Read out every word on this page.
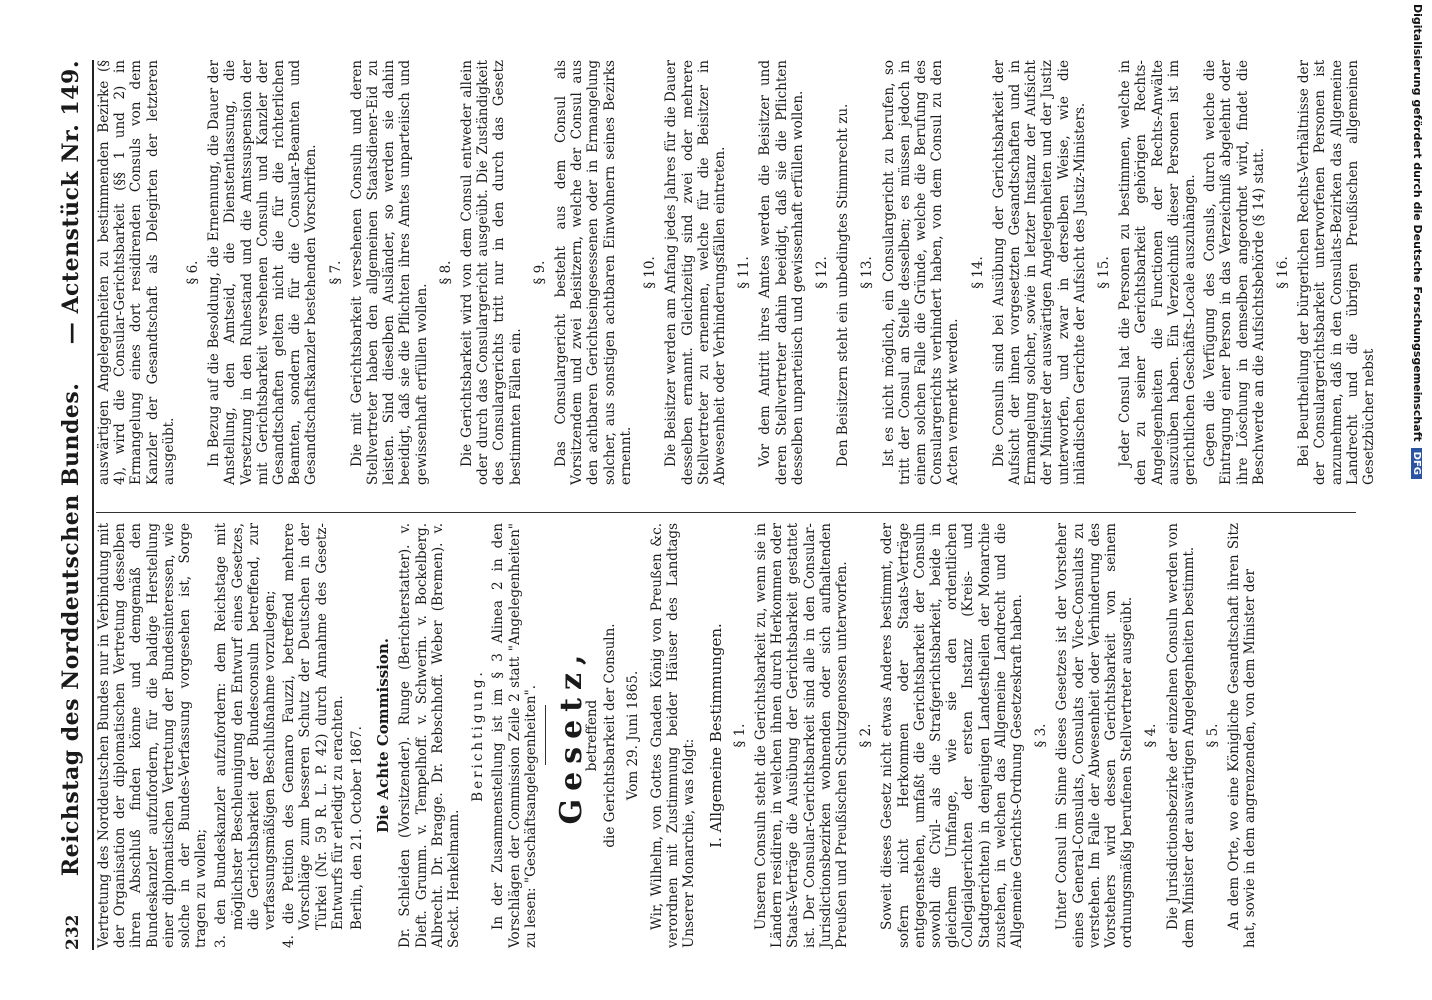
232
Reichstag des Norddeutschen Bundes.
— Actenstück Nr. 149.

Vertretung des Norddeutschen Bundes nur in Verbindung mit der Organisation der diplomatischen Vertretung desselben ihren Abschluß finden könne und demgemäß den Bundeskanzler aufzufordern, für die baldige Herstellung einer diplomatischen Vertretung der Bundesinteressen, wie solche in der Bundes-Verfassung vorgesehen ist, Sorge tragen zu wollen; 3. den Bundeskanzler aufzufordern: dem Reichstage mit möglichster Beschleunigung den Entwurf eines Gesetzes, die Gerichtsbarkeit der Bundesconsuln betreffend, zur verfassungsmäßigen Beschlußnahme vorzulegen; 4. die Petition des Gennaro Fauzzi, betreffend mehrere Vorschläge zum besseren Schutz der Deutschen in der Türkei (Nr. 59 R. L. P. 42) durch Annahme des Gesetz-Entwurfs für erledigt zu erachten. Berlin, den 21. October 1867. Die Achte Commission. Dr. Schleiden (Vorsitzender). Runge (Berichterstatter). v. Dieft. Grumm. v. Tempelhoff. v. Schwerin. v. Bockelberg. Albrecht. Dr. Bragge. Dr. Rebschhoff. Weber (Bremen). v. Seckt. Henkelmann.

Berichtigung. In der Zusammenstellung ist im § 3 Alinea 2 in den Vorschlägen der Commission Zeile 2 statt "Angelegenheiten" zu lesen: "Geschäftsangelegenheiten". Gesetz,

betreffend die Gerichtsbarkeit der Consuln. Vom 29. Juni 1865. Wir, Wilhelm, von Gottes Gnaden König von Preußen &c. verordnen mit Zustimmung beider Häuser des Landtags Unserer Monarchie, was folgt: I. Allgemeine Bestimmungen. § 1. Unseren Consuln steht die Gerichtsbarkeit zu, wenn sie in Ländern residiren, in welchen ihnen durch Herkommen oder Staats-Verträge die Ausübung der Gerichtsbarkeit gestattet ist. Der Consular-Gerichtsbarkeit sind alle in den Consular-Jurisdictionsbezirken wohnenden oder sich aufhaltenden Preußen und Preußischen Schutzgenossen unterworfen. § 2. Soweit dieses Gesetz nicht etwas Anderes bestimmt, oder sofern nicht Herkommen oder Staats-Verträge entgegenstehen, umfaßt die Gerichtsbarkeit der Consuln sowohl die Civil- als die Strafgerichtsbarkeit, beide in gleichem Umfange, wie sie den ordentlichen Collegialgerichten der ersten Instanz (Kreis- und Stadtgerichten) in denjenigen Landestheilen der Monarchie zustehen, in welchen das Allgemeine Landrecht und die Allgemeine Gerichts-Ordnung Gesetzeskraft haben. § 3. Unter Consul im Sinne dieses Gesetzes ist der Vorsteher eines General-Consulats, Consulats oder Vice-Consulats zu verstehen. Im Falle der Abwesenheit oder Verhinderung des Vorstehers wird dessen Gerichtsbarkeit von seinem ordnungsmäßig berufenen Stellvertreter ausgeübt. § 4. Die Jurisdictionsbezirke der einzelnen Consuln werden von dem Minister der auswärtigen Angelegenheiten bestimmt. § 5. An dem Orte, wo eine Königliche Gesandtschaft ihren Sitz hat, sowie in dem angrenzenden, von dem Minister der

auswärtigen Angelegenheiten zu bestimmenden Bezirke (§ 4), wird die Consular-Gerichtsbarkeit (§§ 1 und 2) in Ermangelung eines dort residirenden Consuls von dem Kanzler der Gesandtschaft als Delegirten der letzteren ausgeübt.

§ 6. In Bezug auf die Besoldung, die Ernennung, die Dauer der Anstellung, den Amtseid, die Dienstentlassung, die Versetzung in den Ruhestand und die Amtssuspension der mit Gerichtsbarkeit versehenen Consuln und Kanzler der Gesandtschaften gelten nicht die für die richterlichen Beamten, sondern die für die Consular-Beamten und Gesandtschaftskanzler bestehenden Vorschriften. § 7. Die mit Gerichtsbarkeit versehenen Consuln und deren Stellvertreter haben den allgemeinen Staatsdiener-Eid zu leisten. Sind dieselben Ausländer, so werden sie dahin beeidigt, daß sie die Pflichten ihres Amtes unparteiisch und gewissenhaft erfüllen wollen.

§ 8. Die Gerichtsbarkeit wird von dem Consul entweder allein oder durch das Consulargericht ausgeübt. Die Zuständigkeit des Consulargerichts tritt nur in den durch das Gesetz bestimmten Fällen ein.

§ 9. Das Consulargericht besteht aus dem Consul als Vorsitzendem und zwei Beisitzern, welche der Consul aus den achtbaren Gerichtseingesessenen oder in Ermangelung solcher, aus sonstigen achtbaren Einwohnern seines Bezirks ernennt.

§ 10. Die Beisitzer werden am Anfang jedes Jahres für die Dauer desselben ernannt. Gleichzeitig sind zwei oder mehrere Stellvertreter zu ernennen, welche für die Beisitzer in Abwesenheit oder Verhinderungsfällen eintreten. § 11. Vor dem Antritt ihres Amtes werden die Beisitzer und deren Stellvertreter dahin beeidigt, daß sie die Pflichten desselben unparteiisch und gewissenhaft erfüllen wollen. § 12. Den Beisitzern steht ein unbedingtes Stimmrecht zu. § 13. Ist es nicht möglich, ein Consulargericht zu berufen, so tritt der Consul an Stelle desselben; es müssen jedoch in einem solchen Falle die Gründe, welche die Berufung des Consulargerichts verhindert haben, von dem Consul zu den Acten vermerkt werden.

§ 14. Die Consuln sind bei Ausübung der Gerichtsbarkeit der Aufsicht der ihnen vorgesetzten Gesandtschaften und in Ermangelung solcher, sowie in letzter Instanz der Aufsicht der Minister der auswärtigen Angelegenheiten und der Justiz unterworfen, und zwar in derselben Weise, wie die inländischen Gerichte der Aufsicht des Justiz-Ministers. § 15. Jeder Consul hat die Personen zu bestimmen, welche in den zu seiner Gerichtsbarkeit gehörigen Rechts-Angelegenheiten die Functionen der Rechts-Anwälte auszuüben haben. Ein Verzeichniß dieser Personen ist im gerichtlichen Geschäfts-Locale auszuhängen. Gegen die Verfügung des Consuls, durch welche die Eintragung einer Person in das Verzeichniß abgelehnt oder ihre Löschung in demselben angeordnet wird, findet die Beschwerde an die Aufsichtsbehörde (§ 14) statt. § 16. Bei Beurtheilung der bürgerlichen Rechts-Verhältnisse der der Consulargerichtsbarkeit unterworfenen Personen ist anzunehmen, daß in den Consulats-Bezirken das Allgemeine Landrecht und die übrigen Preußischen allgemeinen Gesetzbücher nebst	Digitalisierung gefördert durch die Deutsche ForschungsgemeinschaftDFG
